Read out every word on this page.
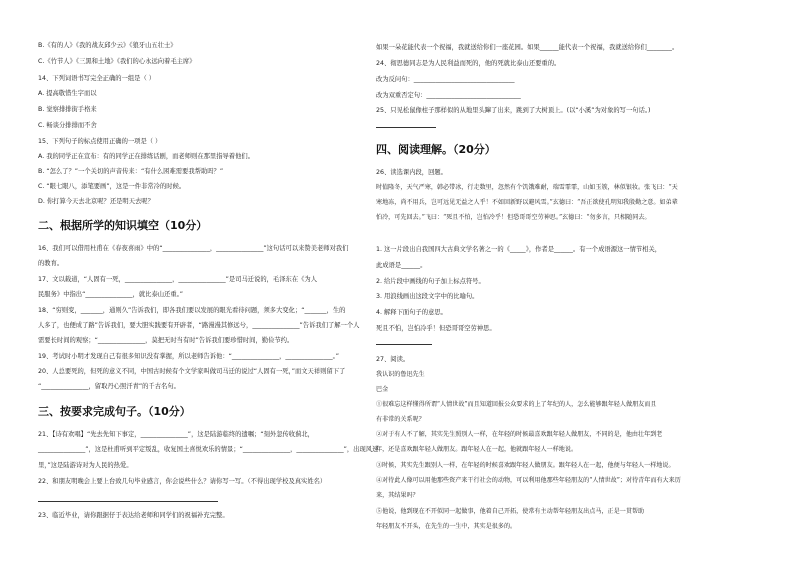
B.《有的人》《我的战友邱少云》《狼牙山五壮士》
C.《竹节人》《三黑和土地》《我们的心永远向着毛主席》
14、下列词语书写完全正确的一组是（ ）
A. 提高敬惜生字而以
B. 觉察排排街手格来
C. 畅谈分排排而不舍
15、下列句子的标点使用正确的一项是（ ）
A. 我的同学正在宣布：有的同学正在排练话剧，而老师则在那里指导着他们。
B. “怎么了？”一个关切的声音传来：“有什么困难需要我帮助吗？”
C. “眼七眼八，添笔要画”，这是一件非常冷的时候。
D. 你打算今天去北京呢？还是明天去呢？
16、我们可以借用杜甫在《春夜喜雨》中的“_______________，_______________”这句话可以来赞美老师对我们
的教育。
17、文以载道，“人固有一死，_______________，_______________”是司马迁说的，毛泽东在《为人
民服务》中指出“_______________，就比泰山还重。”
18、“穷则变，_______，通则久”告诉我们，即各我们要以发展的眼光看待问题，须多大变化；“_______，生的
人多了，也便成了路”告诉我们，要大胆实践要有开辟者，“路漫漫其修远兮，_______________”告诉我们了解一个人
需要长时间的观察；“_______________，莫把无时当有时”告诉我们要珍惜时间，勤俭节约。
19、考试时小明才发现自己有很多知识没有掌握，所以老师告诉他：“_______________，_______________。”
20、人总要死的，但死的意义不同，中国古时候有个文学家叫做司马迁的说过“人固有一死，”而文天祥则留下了
“_______________，留取丹心照汗青”的千古名句。
21、【诗有欢唱】“先去先知下事定，_______________”，这是陆游临终的遗嘱；“刻外忽传收蓟北，
_______________”，这是杜甫听到平定叛乱，收复国土喜悦欢乐的情景；“_______________，_______________”，出现风速
里，”这是陆游诗对为人民的热爱。
22、和朋友明晚会上要上台致几句毕业感言，你会说些什么？请你写一写。（不得出现学校及真实姓名）
23、临近毕业，请你跟据仔于表达给老师和同学们的祝福补充完整。
二、根据所学的知识填空（10分）
三、按要求完成句子。（10分）
如果一朵花能代表一个祝福，我就送给你们一座花园。如果______能代表一个祝福，我就送给你们________。
24、彻思德同志是为人民利益而死的，他的死就比泰山还要重的。
改为反问句：________________________________
改为双重否定句：______________________________
25、只见松鼠像柱子那样似的从地里头蹿了出来，跳到了大树顶上。(以“小溪”为对象的写一句话。)
26、读选课内段，回题。
时值隆冬，天气严寒，韩必带冰，行走数里，忽然有个饥饿难耐，瑞雪霏霏，山如玉簇，林似银妆。张飞曰：“天
寒地冻，尚不用兵，岂可远见无益之人乎！不如回新野以避风雪。”玄德曰：“吾正欲使孔明知我殷勤之意。如弟辈
怕冷，可先回去。”飞曰：“死且不怕，岂怕冷乎！但恐哥哥空劳神思。”玄德曰：“勿多言，只相随同去。
1. 这一片段出自我国四大古典文学名著之一的《_____》，作者是______。有一个成语源这一情节相关，
此成语是______。
2. 给片段中画线的句子加上标点符号。
3. 用浪线画出这段文字中的比喻句。
4. 解释下面句子的意思。
死且不怕，岂怕冷乎！但恐哥哥空劳神思。
27、阅读。
我认识的鲁迅先生
巴金
①很难忘这样懂得所谓“人情世故”而且知道回报公众要求的上了年纪的人，怎么能够跟年轻人做朋友而且
有非常的关系呢？
②对于有人不了解，其实先生照别人一样，在年轻的时候最喜欢跟年轻人做朋友，不同的是，他由壮年到老
年，还是喜欢跟年轻人做朋友。跟年轻人在一起，他就跟年轻人一样地说。
③时候，其实先生跟别人一样，在年轻的时候喜欢跟年轻人做朋友。跟年轻人在一起，他便与年轻人一样地说。
④对待此人像可以用他那些资产来干行社会的动物，可以利用他那些年轻朋友的“人情世故”；对待青年而有大来历
来，其结果吗？
⑤他说，他到现在不开似同一起做事，他着自己开拓，使常有主动帮年轻朋友出点马，正是一贯帮助
年轻朋友不开头，在先生的一生中，其实是很多的。
四、阅读理解。（20分）
